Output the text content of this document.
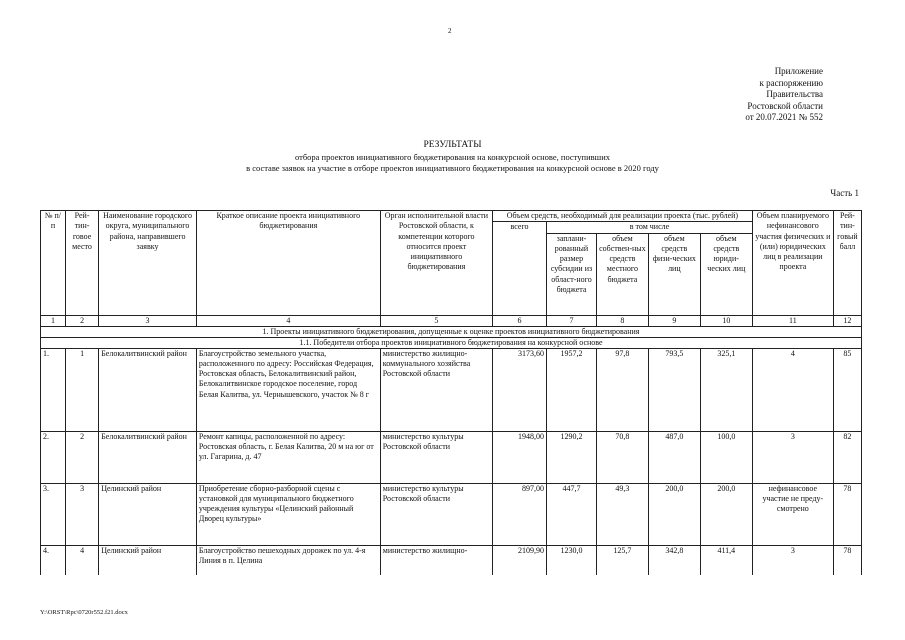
2
Приложение
к распоряжению
Правительства
Ростовской области
от 20.07.2021 № 552
РЕЗУЛЬТАТЫ
отбора проектов инициативного бюджетирования на конкурсной основе, поступивших
в составе заявок на участие в отборе проектов инициативного бюджетирования на конкурсной основе в 2020 году
Часть 1
№ п/п	Рей-тин-говое место	Наименование городского округа, муниципального района, направившего заявку	Краткое описание проекта инициативного бюджетирования	Орган исполнительной власти Ростовской области, к компетенции которого относится проект инициативного бюджетирования	Объем средств, необходимый для реализации проекта (тыс. рублей)					Объем планируемого нефинансового участия физических и (или) юридических лиц в реализации проекта	Рей-тин-говый балл
					всего	в том числе					
						заплани-рованный размер субсидии из област-ного бюджета	объем собствен-ных средств местного бюджета	объем средств физи-ческих лиц	объем средств юриди-ческих лиц		
1	2	3	4	5	6	7	8	9	10	11	12
1. Проекты инициативного бюджетирования, допущенные к оценке проектов инициативного бюджетирования											
1.1. Победители отбора проектов инициативного бюджетирования на конкурсной основе											
1.	1	Белокалитвинский район	Благоустройство земельного участка, расположенного по адресу: Российская Федерация, Ростовская область, Белокалитвинский район, Белокалитвинское городское поселение, город Белая Калитва, ул. Чернышевского, участок № 8 г	министерство жилищно-коммунального хозяйства Ростовской области	3173,60	1957,2	97,8	793,5	325,1	4	85
2.	2	Белокалитвинский район	Ремонт капицы, расположенной по адресу: Ростовская область, г. Белая Калитва, 20 м на юг от ул. Гагарина, д. 47	министерство культуры Ростовской области	1948,00	1290,2	70,8	487,0	100,0	3	82
3.	3	Целинский район	Приобретение сборно-разборной сцены с установкой для муниципального бюджетного учреждения культуры «Целинский районный Дворец культуры»	министерство культуры Ростовской области	897,00	447,7	49,3	200,0	200,0	нефинансовое участие не преду-смотрено	78
4.	4	Целинский район	Благоустройство пешеходных дорожек по ул. 4-я Линия в п. Целина	министерство жилищно-	2109,90	1230,0	125,7	342,8	411,4	3	78
Y:\ORST\Rpc\0720r552.f21.docx
